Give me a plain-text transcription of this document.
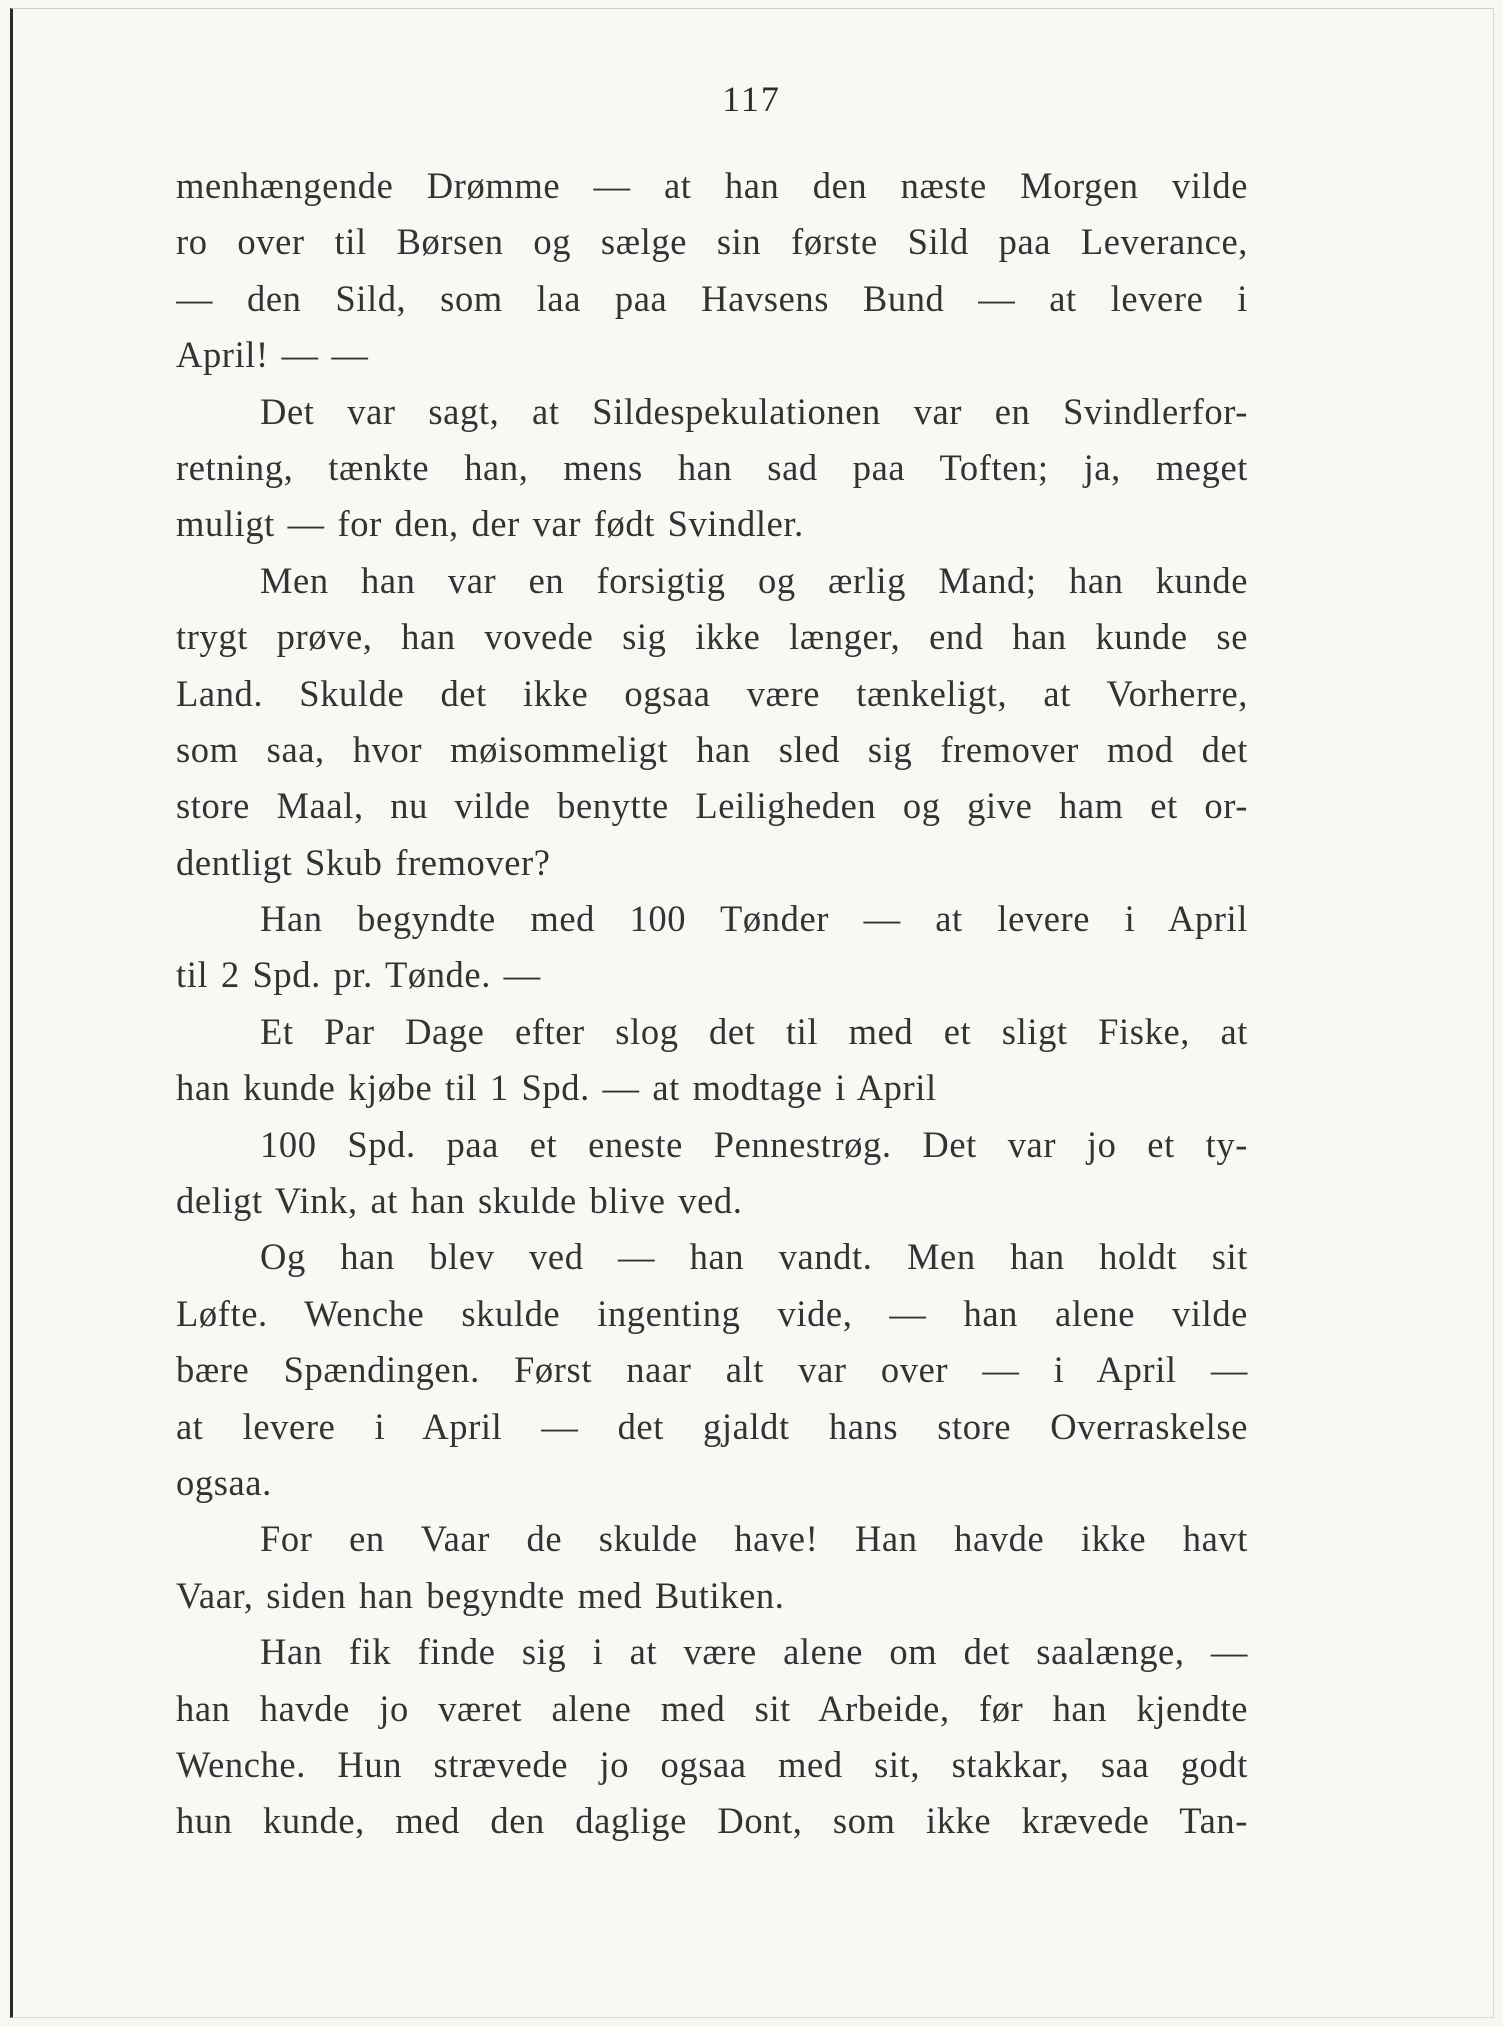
117
menhængende Drømme — at han den næste Morgen vilde
ro over til Børsen og sælge sin første Sild paa Leverance,
— den Sild, som laa paa Havsens Bund — at levere i
April! — —
Det var sagt, at Sildespekulationen var en Svindlerfor-
retning, tænkte han, mens han sad paa Toften; ja, meget
muligt — for den, der var født Svindler.
Men han var en forsigtig og ærlig Mand; han kunde
trygt prøve, han vovede sig ikke længer, end han kunde se
Land. Skulde det ikke ogsaa være tænkeligt, at Vorherre,
som saa, hvor møisommeligt han sled sig fremover mod det
store Maal, nu vilde benytte Leiligheden og give ham et or-
dentligt Skub fremover?
Han begyndte med 100 Tønder — at levere i April
til 2 Spd. pr. Tønde. —
Et Par Dage efter slog det til med et sligt Fiske, at
han kunde kjøbe til 1 Spd. — at modtage i April
100 Spd. paa et eneste Pennestrøg. Det var jo et ty-
deligt Vink, at han skulde blive ved.
Og han blev ved — han vandt. Men han holdt sit
Løfte. Wenche skulde ingenting vide, — han alene vilde
bære Spændingen. Først naar alt var over — i April —
at levere i April — det gjaldt hans store Overraskelse
ogsaa.
For en Vaar de skulde have! Han havde ikke havt
Vaar, siden han begyndte med Butiken.
Han fik finde sig i at være alene om det saalænge, —
han havde jo været alene med sit Arbeide, før han kjendte
Wenche. Hun strævede jo ogsaa med sit, stakkar, saa godt
hun kunde, med den daglige Dont, som ikke krævede Tan-
